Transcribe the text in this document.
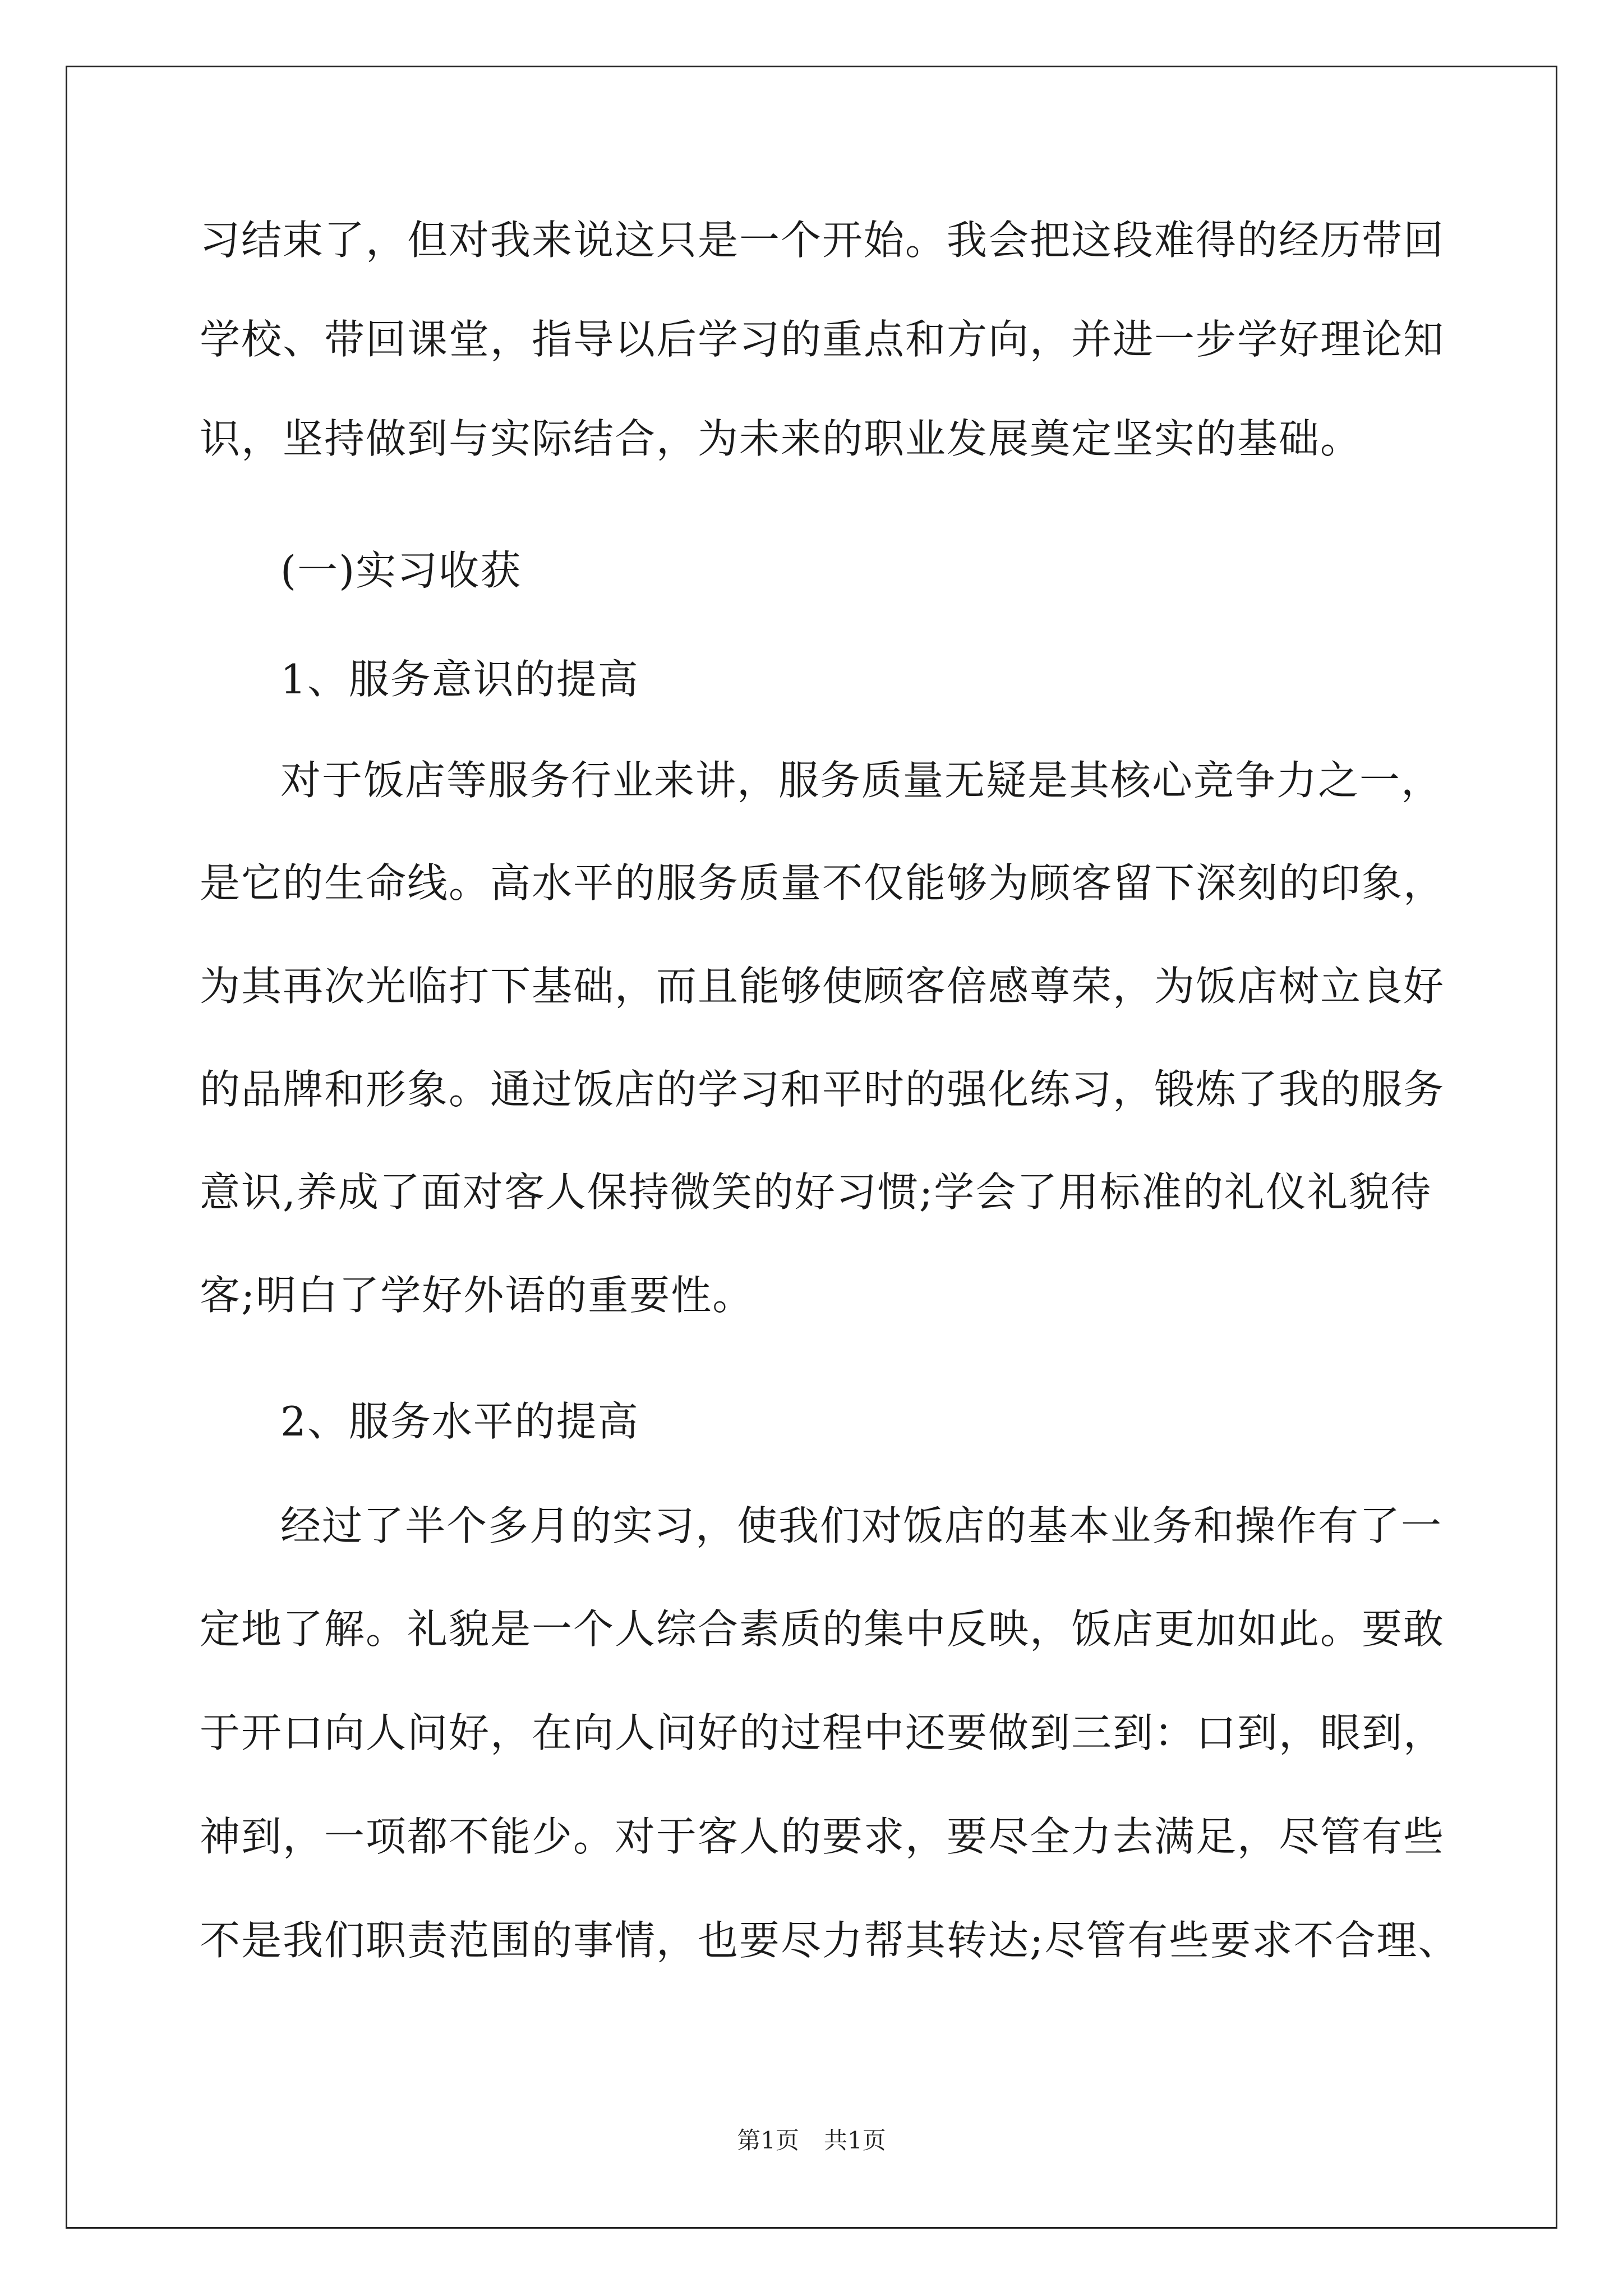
习结束了，但对我来说这只是一个开始。我会把这段难得的经历带回
学校、带回课堂，指导以后学习的重点和方向，并进一步学好理论知
识，坚持做到与实际结合，为未来的职业发展奠定坚实的基础。
(一)实习收获
1、服务意识的提高
对于饭店等服务行业来讲，服务质量无疑是其核心竞争力之一，
是它的生命线。高水平的服务质量不仅能够为顾客留下深刻的印象，
为其再次光临打下基础，而且能够使顾客倍感尊荣，为饭店树立良好
的品牌和形象。通过饭店的学习和平时的强化练习，锻炼了我的服务
意识,养成了面对客人保持微笑的好习惯;学会了用标准的礼仪礼貌待
客;明白了学好外语的重要性。
2、服务水平的提高
经过了半个多月的实习，使我们对饭店的基本业务和操作有了一
定地了解。礼貌是一个人综合素质的集中反映，饭店更加如此。要敢
于开口向人问好，在向人问好的过程中还要做到三到：口到，眼到，
神到，一项都不能少。对于客人的要求，要尽全力去满足，尽管有些
不是我们职责范围的事情，也要尽力帮其转达;尽管有些要求不合理、
第1页 共1页
